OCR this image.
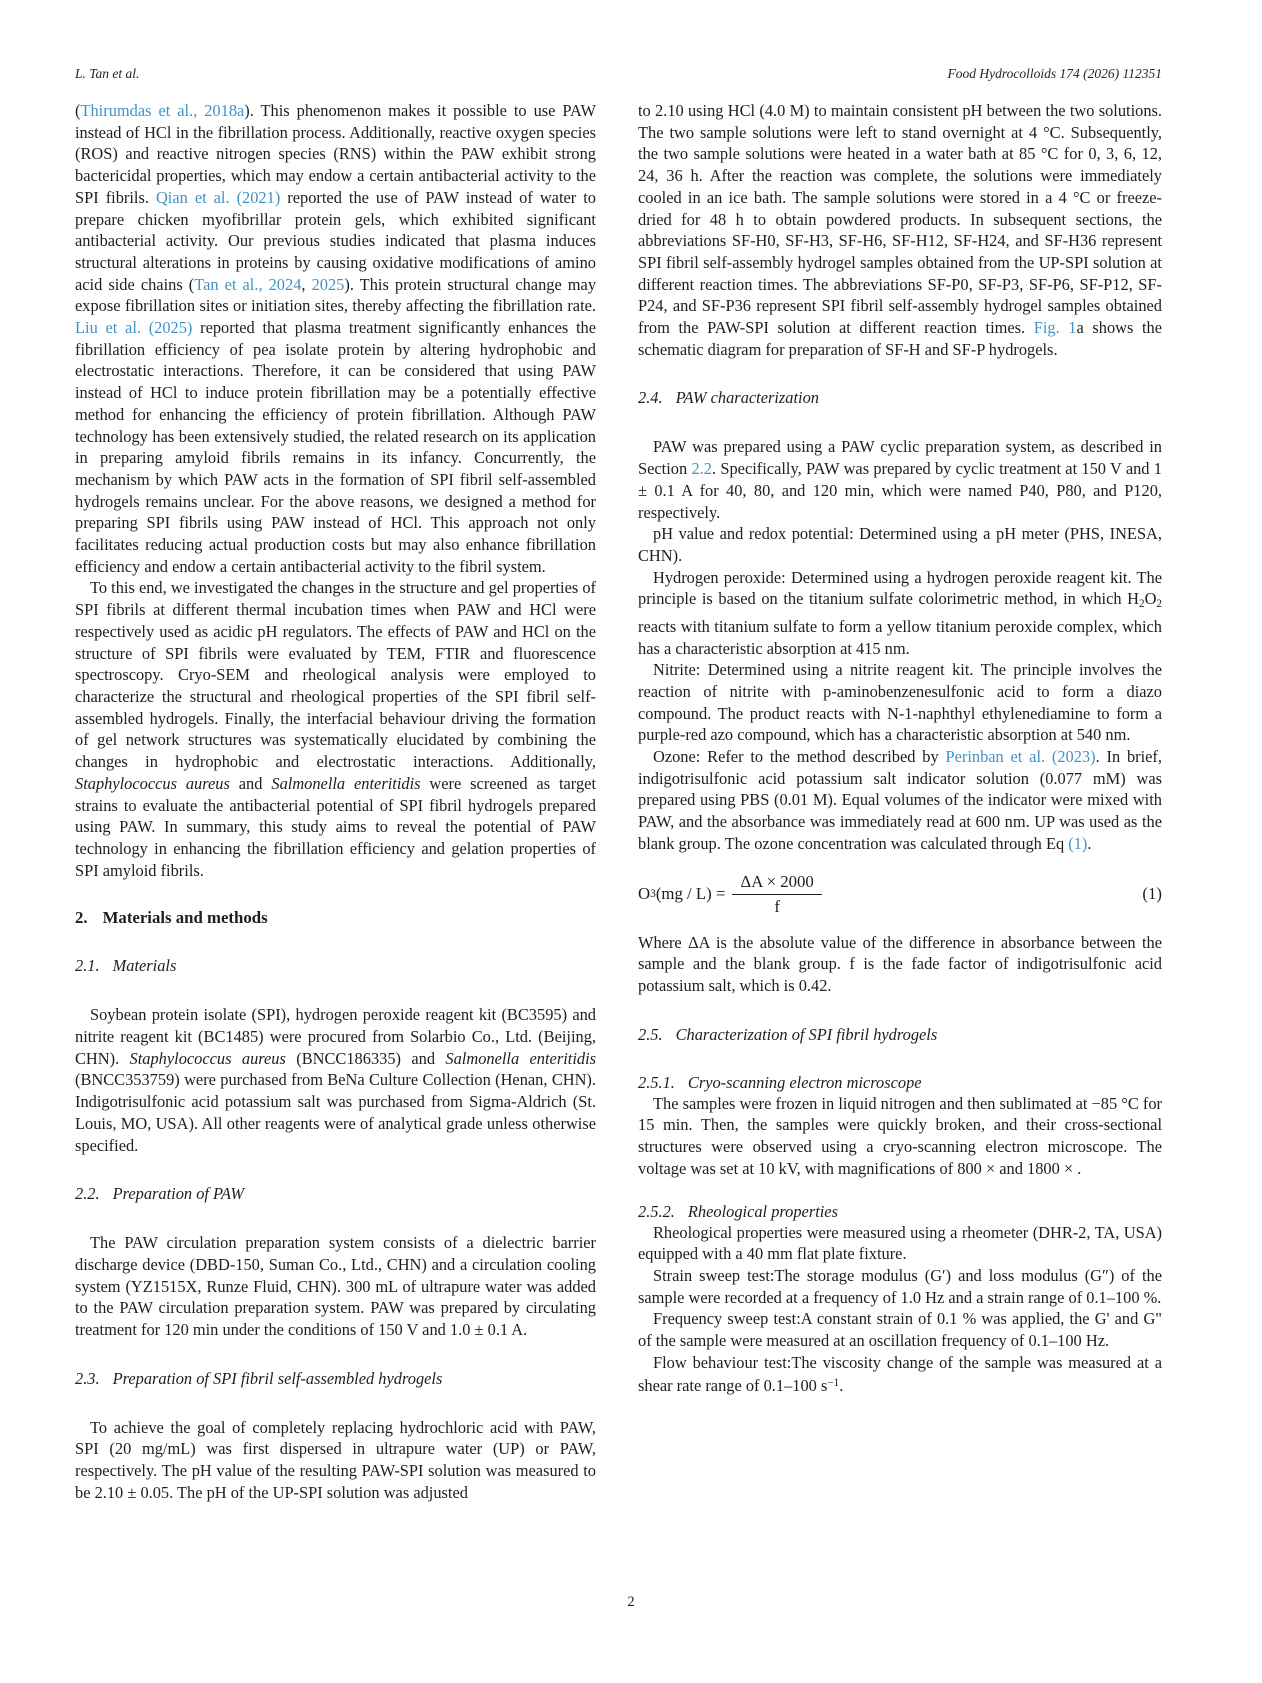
L. Tan et al.	Food Hydrocolloids 174 (2026) 112351

(Thirumdas et al., 2018a). This phenomenon makes it possible to use PAW instead of HCl in the fibrillation process. Additionally, reactive oxygen species (ROS) and reactive nitrogen species (RNS) within the PAW exhibit strong bactericidal properties, which may endow a certain antibacterial activity to the SPI fibrils. Qian et al. (2021) reported the use of PAW instead of water to prepare chicken myofibrillar protein gels, which exhibited significant antibacterial activity. Our previous studies indicated that plasma induces structural alterations in proteins by causing oxidative modifications of amino acid side chains (Tan et al., 2024, 2025). This protein structural change may expose fibrillation sites or initiation sites, thereby affecting the fibrillation rate. Liu et al. (2025) reported that plasma treatment significantly enhances the fibrillation efficiency of pea isolate protein by altering hydrophobic and electrostatic interactions. Therefore, it can be considered that using PAW instead of HCl to induce protein fibrillation may be a potentially effective method for enhancing the efficiency of protein fibrillation. Although PAW technology has been extensively studied, the related research on its application in preparing amyloid fibrils remains in its infancy. Concurrently, the mechanism by which PAW acts in the formation of SPI fibril self-assembled hydrogels remains unclear. For the above reasons, we designed a method for preparing SPI fibrils using PAW instead of HCl. This approach not only facilitates reducing actual production costs but may also enhance fibrillation efficiency and endow a certain antibacterial activity to the fibril system.

To this end, we investigated the changes in the structure and gel properties of SPI fibrils at different thermal incubation times when PAW and HCl were respectively used as acidic pH regulators. The effects of PAW and HCl on the structure of SPI fibrils were evaluated by TEM, FTIR and fluorescence spectroscopy. Cryo-SEM and rheological analysis were employed to characterize the structural and rheological properties of the SPI fibril self-assembled hydrogels. Finally, the interfacial behaviour driving the formation of gel network structures was systematically elucidated by combining the changes in hydrophobic and electrostatic interactions. Additionally, Staphylococcus aureus and Salmonella enteritidis were screened as target strains to evaluate the antibacterial potential of SPI fibril hydrogels prepared using PAW. In summary, this study aims to reveal the potential of PAW technology in enhancing the fibrillation efficiency and gelation properties of SPI amyloid fibrils.

2. Materials and methods
2.1. Materials

Soybean protein isolate (SPI), hydrogen peroxide reagent kit (BC3595) and nitrite reagent kit (BC1485) were procured from Solarbio Co., Ltd. (Beijing, CHN). Staphylococcus aureus (BNCC186335) and Salmonella enteritidis (BNCC353759) were purchased from BeNa Culture Collection (Henan, CHN). Indigotrisulfonic acid potassium salt was purchased from Sigma-Aldrich (St. Louis, MO, USA). All other reagents were of analytical grade unless otherwise specified.

2.2. Preparation of PAW

The PAW circulation preparation system consists of a dielectric barrier discharge device (DBD-150, Suman Co., Ltd., CHN) and a circulation cooling system (YZ1515X, Runze Fluid, CHN). 300 mL of ultrapure water was added to the PAW circulation preparation system. PAW was prepared by circulating treatment for 120 min under the conditions of 150 V and 1.0 ± 0.1 A.

2.3. Preparation of SPI fibril self-assembled hydrogels

To achieve the goal of completely replacing hydrochloric acid with PAW, SPI (20 mg/mL) was first dispersed in ultrapure water (UP) or PAW, respectively. The pH value of the resulting PAW-SPI solution was measured to be 2.10 ± 0.05. The pH of the UP-SPI solution was adjusted

to 2.10 using HCl (4.0 M) to maintain consistent pH between the two solutions. The two sample solutions were left to stand overnight at 4 °C. Subsequently, the two sample solutions were heated in a water bath at 85 °C for 0, 3, 6, 12, 24, 36 h. After the reaction was complete, the solutions were immediately cooled in an ice bath. The sample solutions were stored in a 4 °C or freeze-dried for 48 h to obtain powdered products. In subsequent sections, the abbreviations SF-H0, SF-H3, SF-H6, SF-H12, SF-H24, and SF-H36 represent SPI fibril self-assembly hydrogel samples obtained from the UP-SPI solution at different reaction times. The abbreviations SF-P0, SF-P3, SF-P6, SF-P12, SF-P24, and SF-P36 represent SPI fibril self-assembly hydrogel samples obtained from the PAW-SPI solution at different reaction times. Fig. 1a shows the schematic diagram for preparation of SF-H and SF-P hydrogels.

2.4. PAW characterization

PAW was prepared using a PAW cyclic preparation system, as described in Section 2.2. Specifically, PAW was prepared by cyclic treatment at 150 V and 1 ± 0.1 A for 40, 80, and 120 min, which were named P40, P80, and P120, respectively.

pH value and redox potential: Determined using a pH meter (PHS, INESA, CHN).

Hydrogen peroxide: Determined using a hydrogen peroxide reagent kit. The principle is based on the titanium sulfate colorimetric method, in which $H_2O_2$ reacts with titanium sulfate to form a yellow titanium peroxide complex, which has a characteristic absorption at 415 nm.

Nitrite: Determined using a nitrite reagent kit. The principle involves the reaction of nitrite with p-aminobenzenesulfonic acid to form a diazo compound. The product reacts with N-1-naphthyl ethylenediamine to form a purple-red azo compound, which has a characteristic absorption at 540 nm.

Ozone: Refer to the method described by Perinban et al. (2023). In brief, indigotrisulfonic acid potassium salt indicator solution (0.077 mM) was prepared using PBS (0.01 M). Equal volumes of the indicator were mixed with PAW, and the absorbance was immediately read at 600 nm. UP was used as the blank group. The ozone concentration was calculated through Eq (1).

O 3 $(mg / L) = \frac{\Delta A \times 2000}{f}$	(1)

Where ΔA is the absolute value of the difference in absorbance between the sample and the blank group. f is the fade factor of indigotrisulfonic acid potassium salt, which is 0.42.

2.5. Characterization of SPI fibril hydrogels
2.5.1. Cryo-scanning electron microscope

The samples were frozen in liquid nitrogen and then sublimated at −85 °C for 15 min. Then, the samples were quickly broken, and their cross-sectional structures were observed using a cryo-scanning electron microscope. The voltage was set at 10 kV, with magnifications of 800 × and 1800 × .

2.5.2. Rheological properties

Rheological properties were measured using a rheometer (DHR-2, TA, USA) equipped with a 40 mm flat plate fixture.

Strain sweep test:The storage modulus (G′) and loss modulus (G″) of the sample were recorded at a frequency of 1.0 Hz and a strain range of 0.1–100 %.

Frequency sweep test:A constant strain of 0.1 % was applied, the G' and G" of the sample were measured at an oscillation frequency of 0.1–100 Hz.

Flow behaviour test:The viscosity change of the sample was measured at a shear rate range of 0.1–100 $s^{-1}$.

2
